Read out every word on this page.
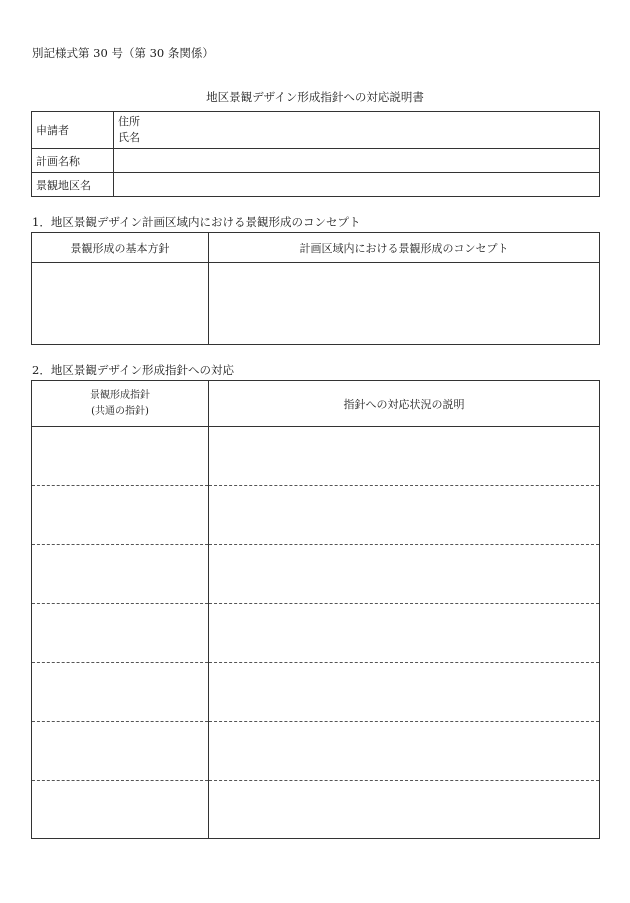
別記様式第 30 号（第 30 条関係）
地区景観デザイン形成指針への対応説明書
申請者	住所
氏名

計画名称	
景観地区名	
1．地区景観デザイン計画区域内における景観形成のコンセプト
景観形成の基本方針	計画区域内における景観形成のコンセプト

2．地区景観デザイン形成指針への対応
景観形成指針
(共通の指針)	指針への対応状況の説明
